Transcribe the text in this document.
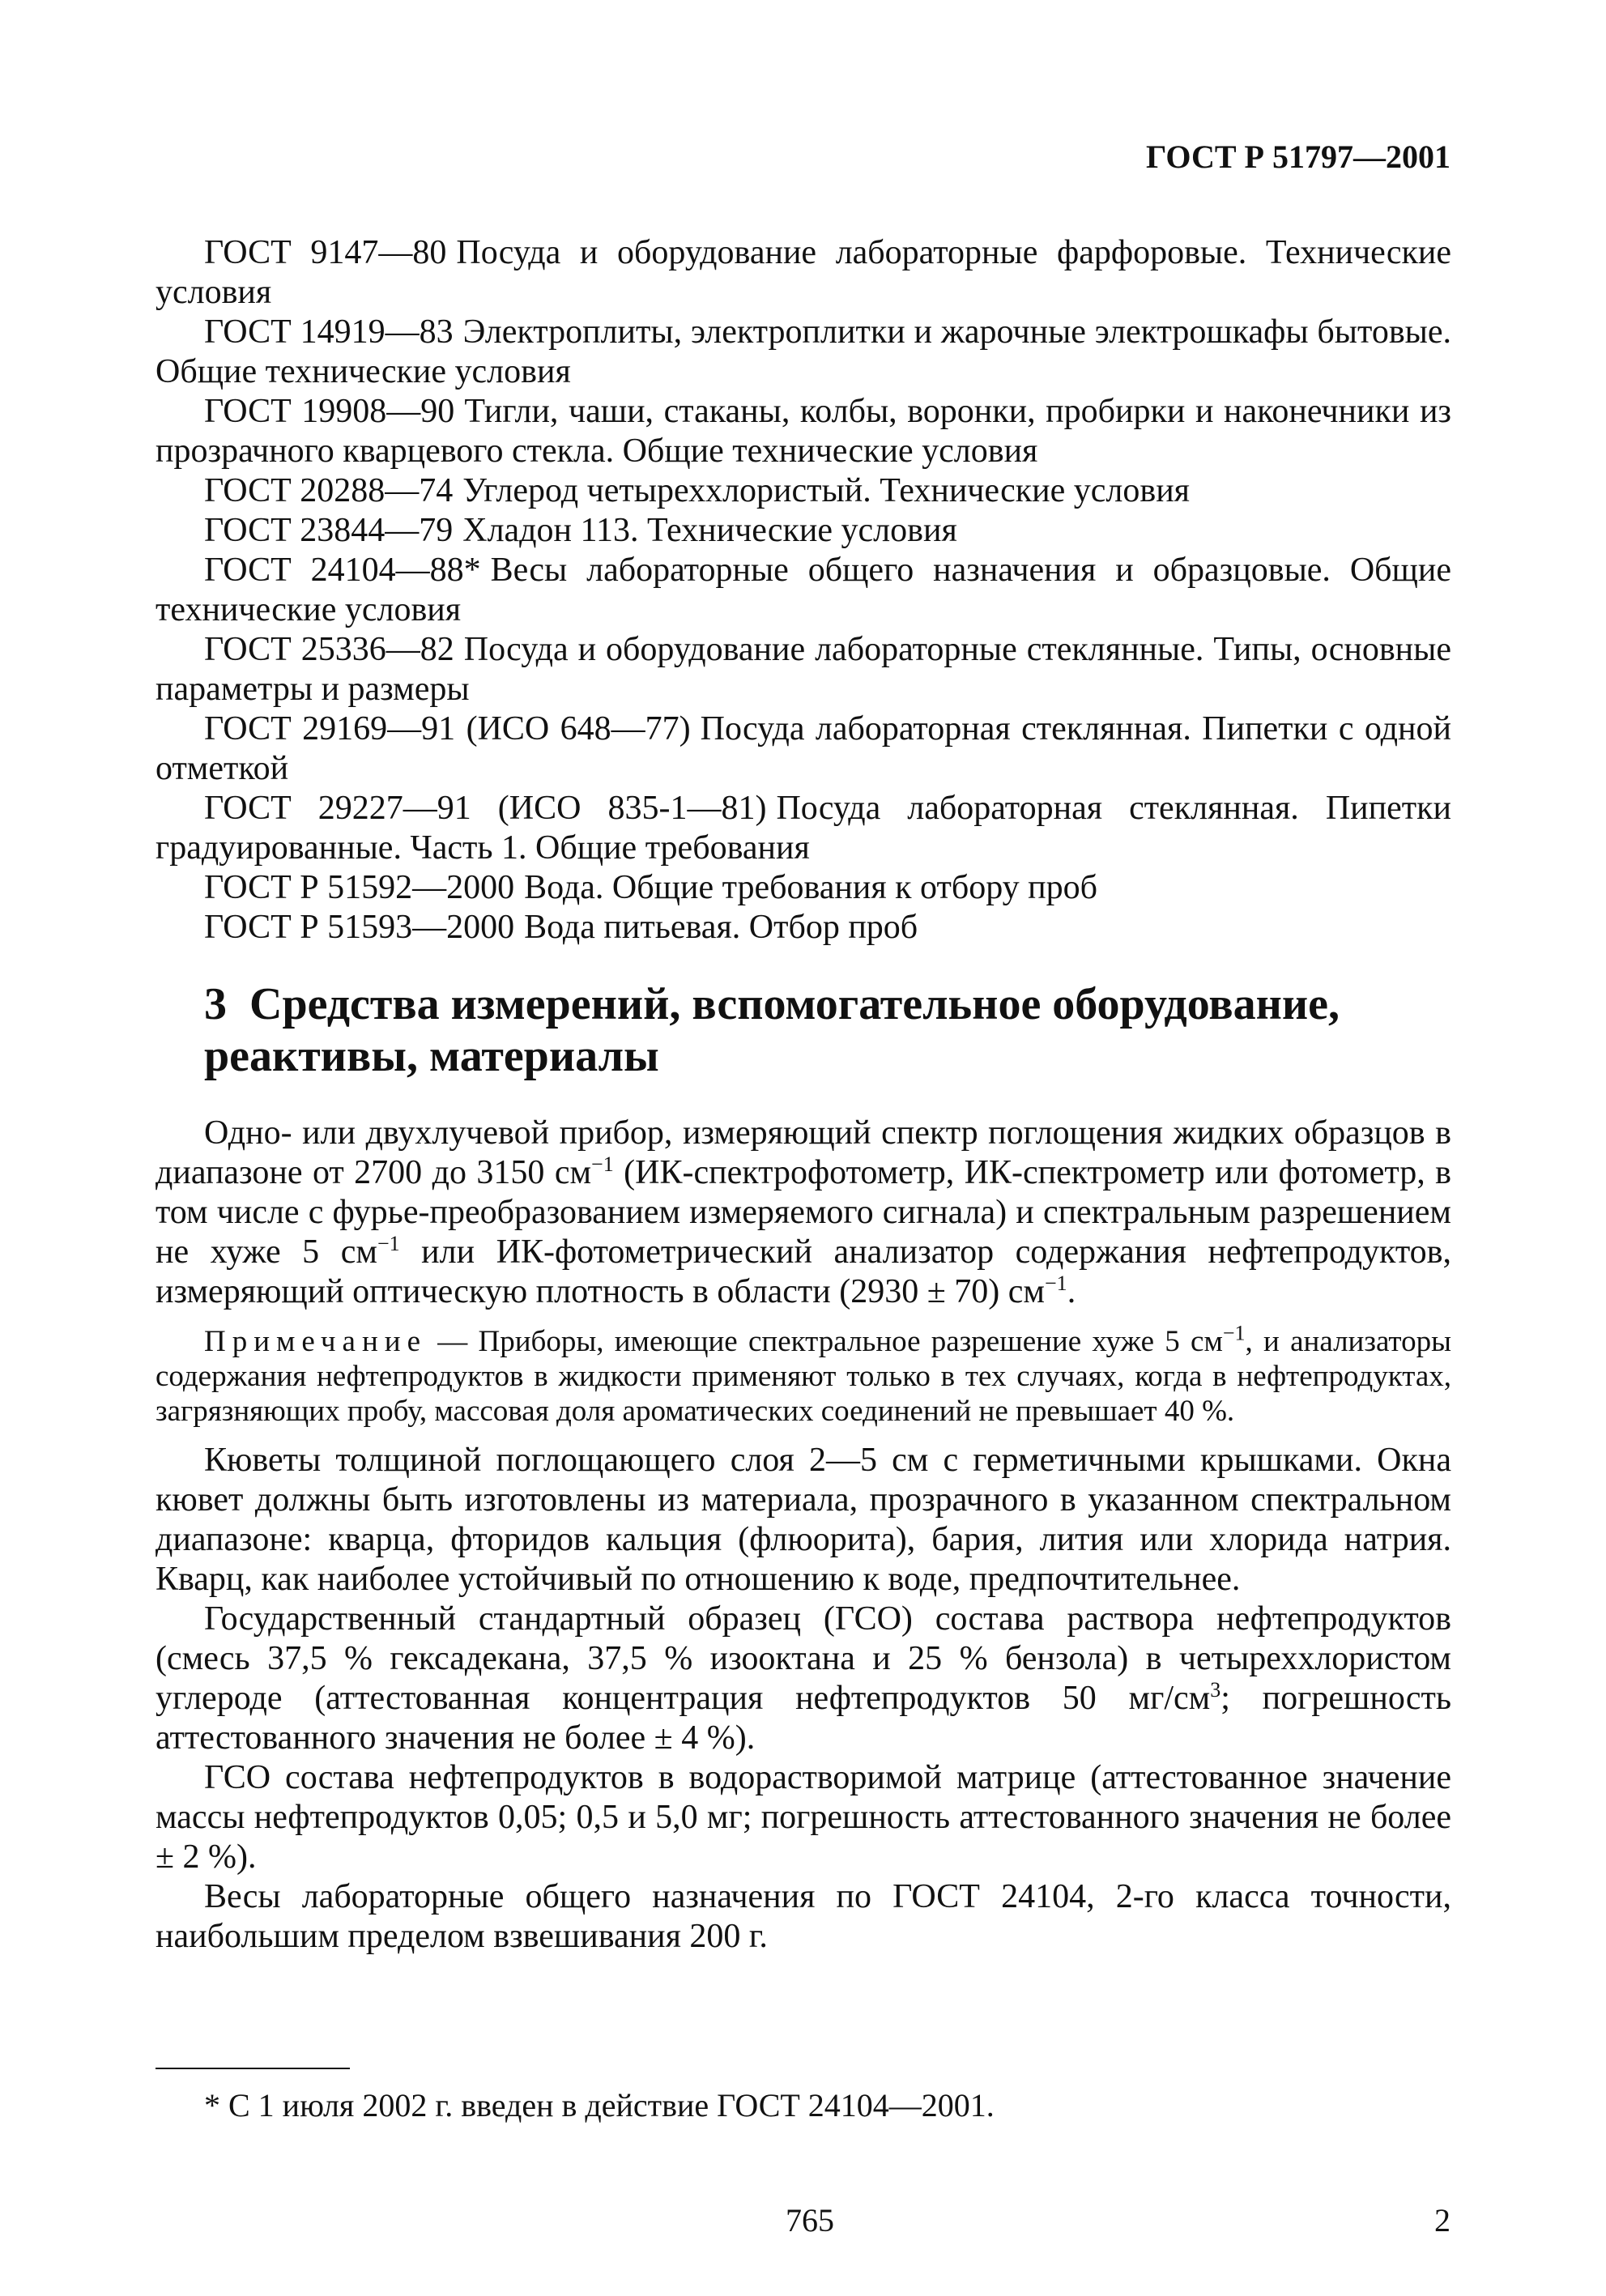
ГОСТ Р 51797—2001

ГОСТ 9147—80 Посуда и оборудование лабораторные фарфоровые. Технические условия

ГОСТ 14919—83 Электроплиты, электроплитки и жарочные электрошкафы бытовые. Общие технические условия

ГОСТ 19908—90 Тигли, чаши, стаканы, колбы, воронки, пробирки и наконечники из прозрачного кварцевого стекла. Общие технические условия

ГОСТ 20288—74 Углерод четыреххлористый. Технические условия

ГОСТ 23844—79 Хладон 113. Технические условия

ГОСТ 24104—88* Весы лабораторные общего назначения и образцовые. Общие технические условия

ГОСТ 25336—82 Посуда и оборудование лабораторные стеклянные. Типы, основные параметры и размеры

ГОСТ 29169—91 (ИСО 648—77) Посуда лабораторная стеклянная. Пипетки с одной отметкой

ГОСТ 29227—91 (ИСО 835-1—81) Посуда лабораторная стеклянная. Пипетки градуированные. Часть 1. Общие требования

ГОСТ Р 51592—2000 Вода. Общие требования к отбору проб

ГОСТ Р 51593—2000 Вода питьевая. Отбор проб

3 Средства измерений, вспомогательное оборудование, реактивы, материалы

Одно- или двухлучевой прибор, измеряющий спектр поглощения жидких образцов в диапазоне от 2700 до 3150 $см^{-1}$ (ИК-спектрофотометр, ИК-спектрометр или фотометр, в том числе с фурье-преобразованием измеряемого сигнала) и спектральным разрешением не хуже 5 $см^{-1}$ или ИК-фотометрический анализатор содержания нефтепродуктов, измеряющий оптическую плотность в области (2930 ± 70) $см^{-1}$.

Примечание — Приборы, имеющие спектральное разрешение хуже 5 $см^{-1}$, и анализаторы содержания нефтепродуктов в жидкости применяют только в тех случаях, когда в нефтепродуктах, загрязняющих пробу, массовая доля ароматических соединений не превышает 40 %.

Кюветы толщиной поглощающего слоя 2—5 см с герметичными крышками. Окна кювет должны быть изготовлены из материала, прозрачного в указанном спектральном диапазоне: кварца, фторидов кальция (флюорита), бария, лития или хлорида натрия. Кварц, как наиболее устойчивый по отношению к воде, предпочтительнее.

Государственный стандартный образец (ГСО) состава раствора нефтепродуктов (смесь 37,5 % гексадекана, 37,5 % изооктана и 25 % бензола) в четыреххлористом углероде (аттестованная концентрация нефтепродуктов 50 $мг/см^3$; погрешность аттестованного значения не более ± 4 %).

ГСО состава нефтепродуктов в водорастворимой матрице (аттестованное значение массы нефтепродуктов 0,05; 0,5 и 5,0 мг; погрешность аттестованного значения не более ± 2 %).

Весы лабораторные общего назначения по ГОСТ 24104, 2-го класса точности, наибольшим пределом взвешивания 200 г.

* С 1 июля 2002 г. введен в действие ГОСТ 24104—2001.
765	2
